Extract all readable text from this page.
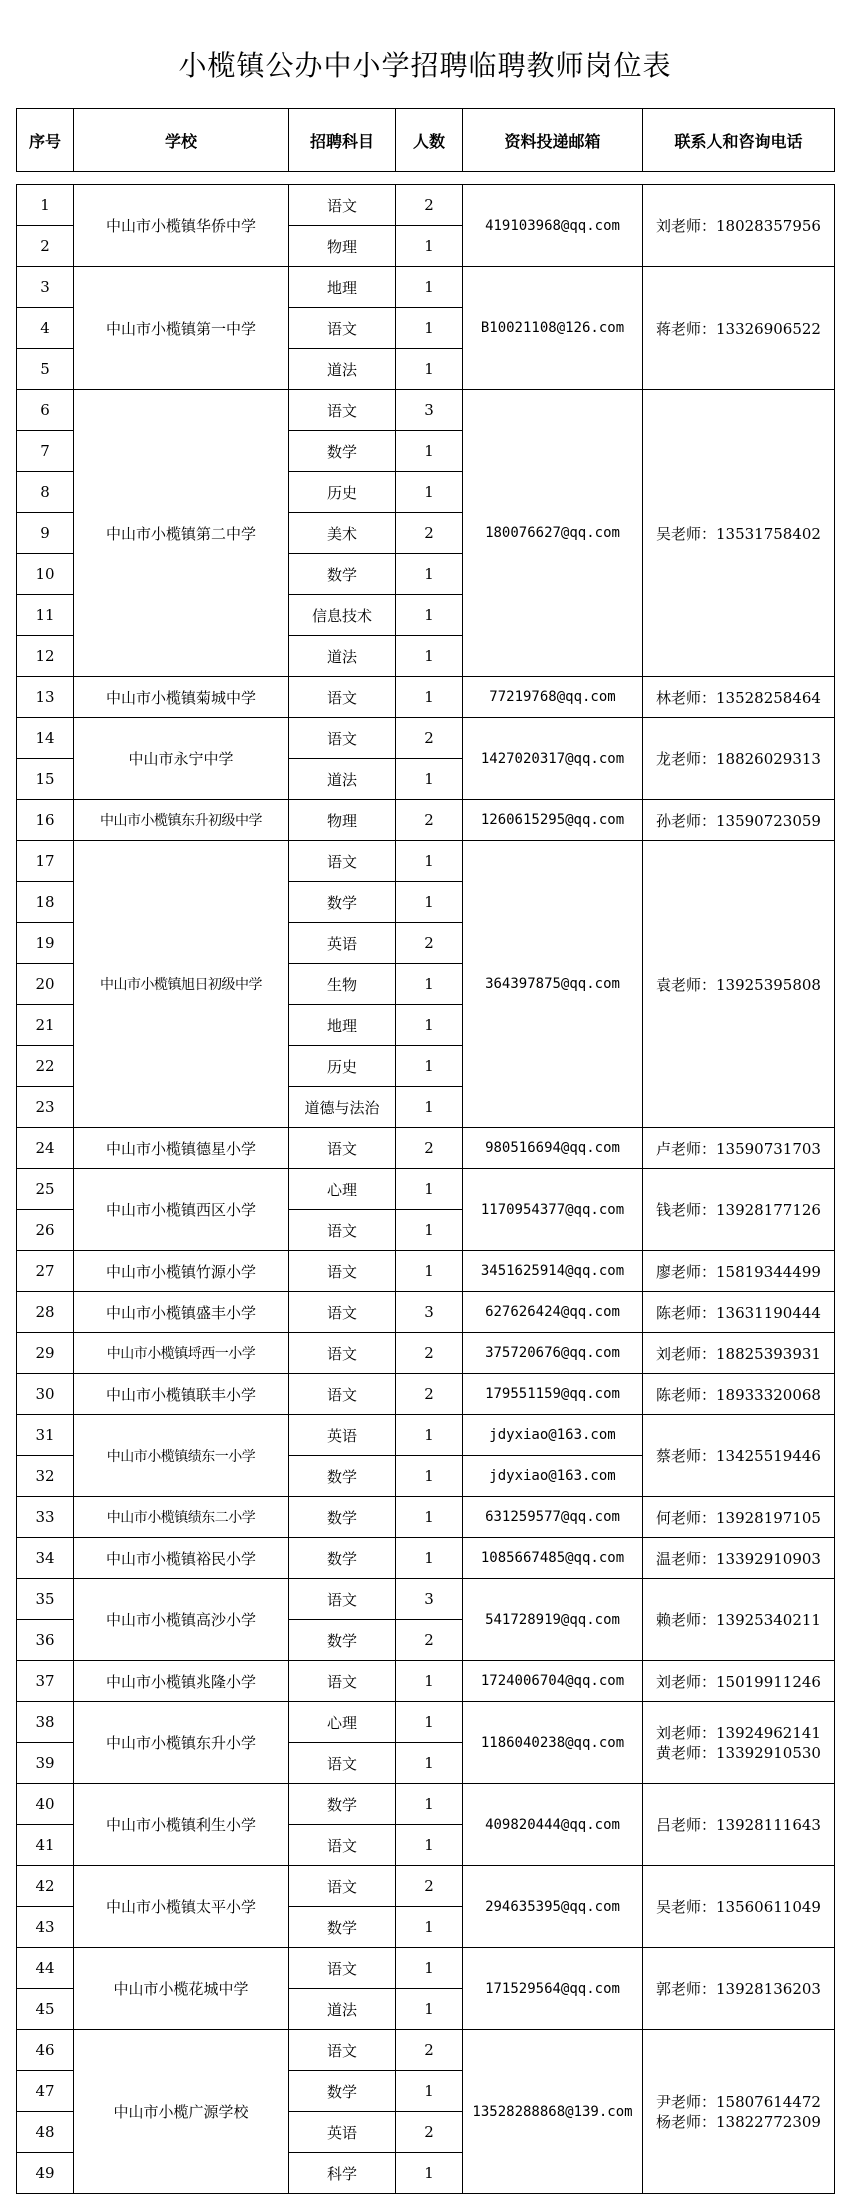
小榄镇公办中小学招聘临聘教师岗位表
序号	学校	招聘科目	人数	资料投递邮箱	联系人和咨询电话

1	中山市小榄镇华侨中学	语文	2	419103968@qq.com	刘老师：18028357956
2		物理	1		
3	中山市小榄镇第一中学	地理	1	B10021108@126.com	蒋老师：13326906522
4		语文	1		
5		道法	1		
6	中山市小榄镇第二中学	语文	3	180076627@qq.com	吴老师：13531758402
7		数学	1		
8		历史	1		
9		美术	2		
10		数学	1		
11		信息技术	1		
12		道法	1		
13	中山市小榄镇菊城中学	语文	1	77219768@qq.com	林老师：13528258464
14	中山市永宁中学	语文	2	1427020317@qq.com	龙老师：18826029313
15		道法	1		
16	中山市小榄镇东升初级中学	物理	2	1260615295@qq.com	孙老师：13590723059
17	中山市小榄镇旭日初级中学	语文	1	364397875@qq.com	袁老师：13925395808
18		数学	1		
19		英语	2		
20		生物	1		
21		地理	1		
22		历史	1		
23		道德与法治	1		
24	中山市小榄镇德星小学	语文	2	980516694@qq.com	卢老师：13590731703
25	中山市小榄镇西区小学	心理	1	1170954377@qq.com	钱老师：13928177126
26		语文	1		
27	中山市小榄镇竹源小学	语文	1	3451625914@qq.com	廖老师：15819344499
28	中山市小榄镇盛丰小学	语文	3	627626424@qq.com	陈老师：13631190444
29	中山市小榄镇埒西一小学	语文	2	375720676@qq.com	刘老师：18825393931
30	中山市小榄镇联丰小学	语文	2	179551159@qq.com	陈老师：18933320068
31	中山市小榄镇绩东一小学	英语	1	jdyxiao@163.com	蔡老师：13425519446
32		数学	1	jdyxiao@163.com	
33	中山市小榄镇绩东二小学	数学	1	631259577@qq.com	何老师：13928197105
34	中山市小榄镇裕民小学	数学	1	1085667485@qq.com	温老师：13392910903
35	中山市小榄镇高沙小学	语文	3	541728919@qq.com	赖老师：13925340211
36		数学	2		
37	中山市小榄镇兆隆小学	语文	1	1724006704@qq.com	刘老师：15019911246
38	中山市小榄镇东升小学	心理	1	1186040238@qq.com	刘老师：13924962141
黄老师：13392910530

39		语文	1		
40	中山市小榄镇利生小学	数学	1	409820444@qq.com	吕老师：13928111643
41		语文	1		
42	中山市小榄镇太平小学	语文	2	294635395@qq.com	吴老师：13560611049
43		数学	1		
44	中山市小榄花城中学	语文	1	171529564@qq.com	郭老师：13928136203
45		道法	1		
46	中山市小榄广源学校	语文	2	13528288868@139.com	尹老师：15807614472
杨老师：13822772309

47		数学	1		
48		英语	2		
49		科学	1		
